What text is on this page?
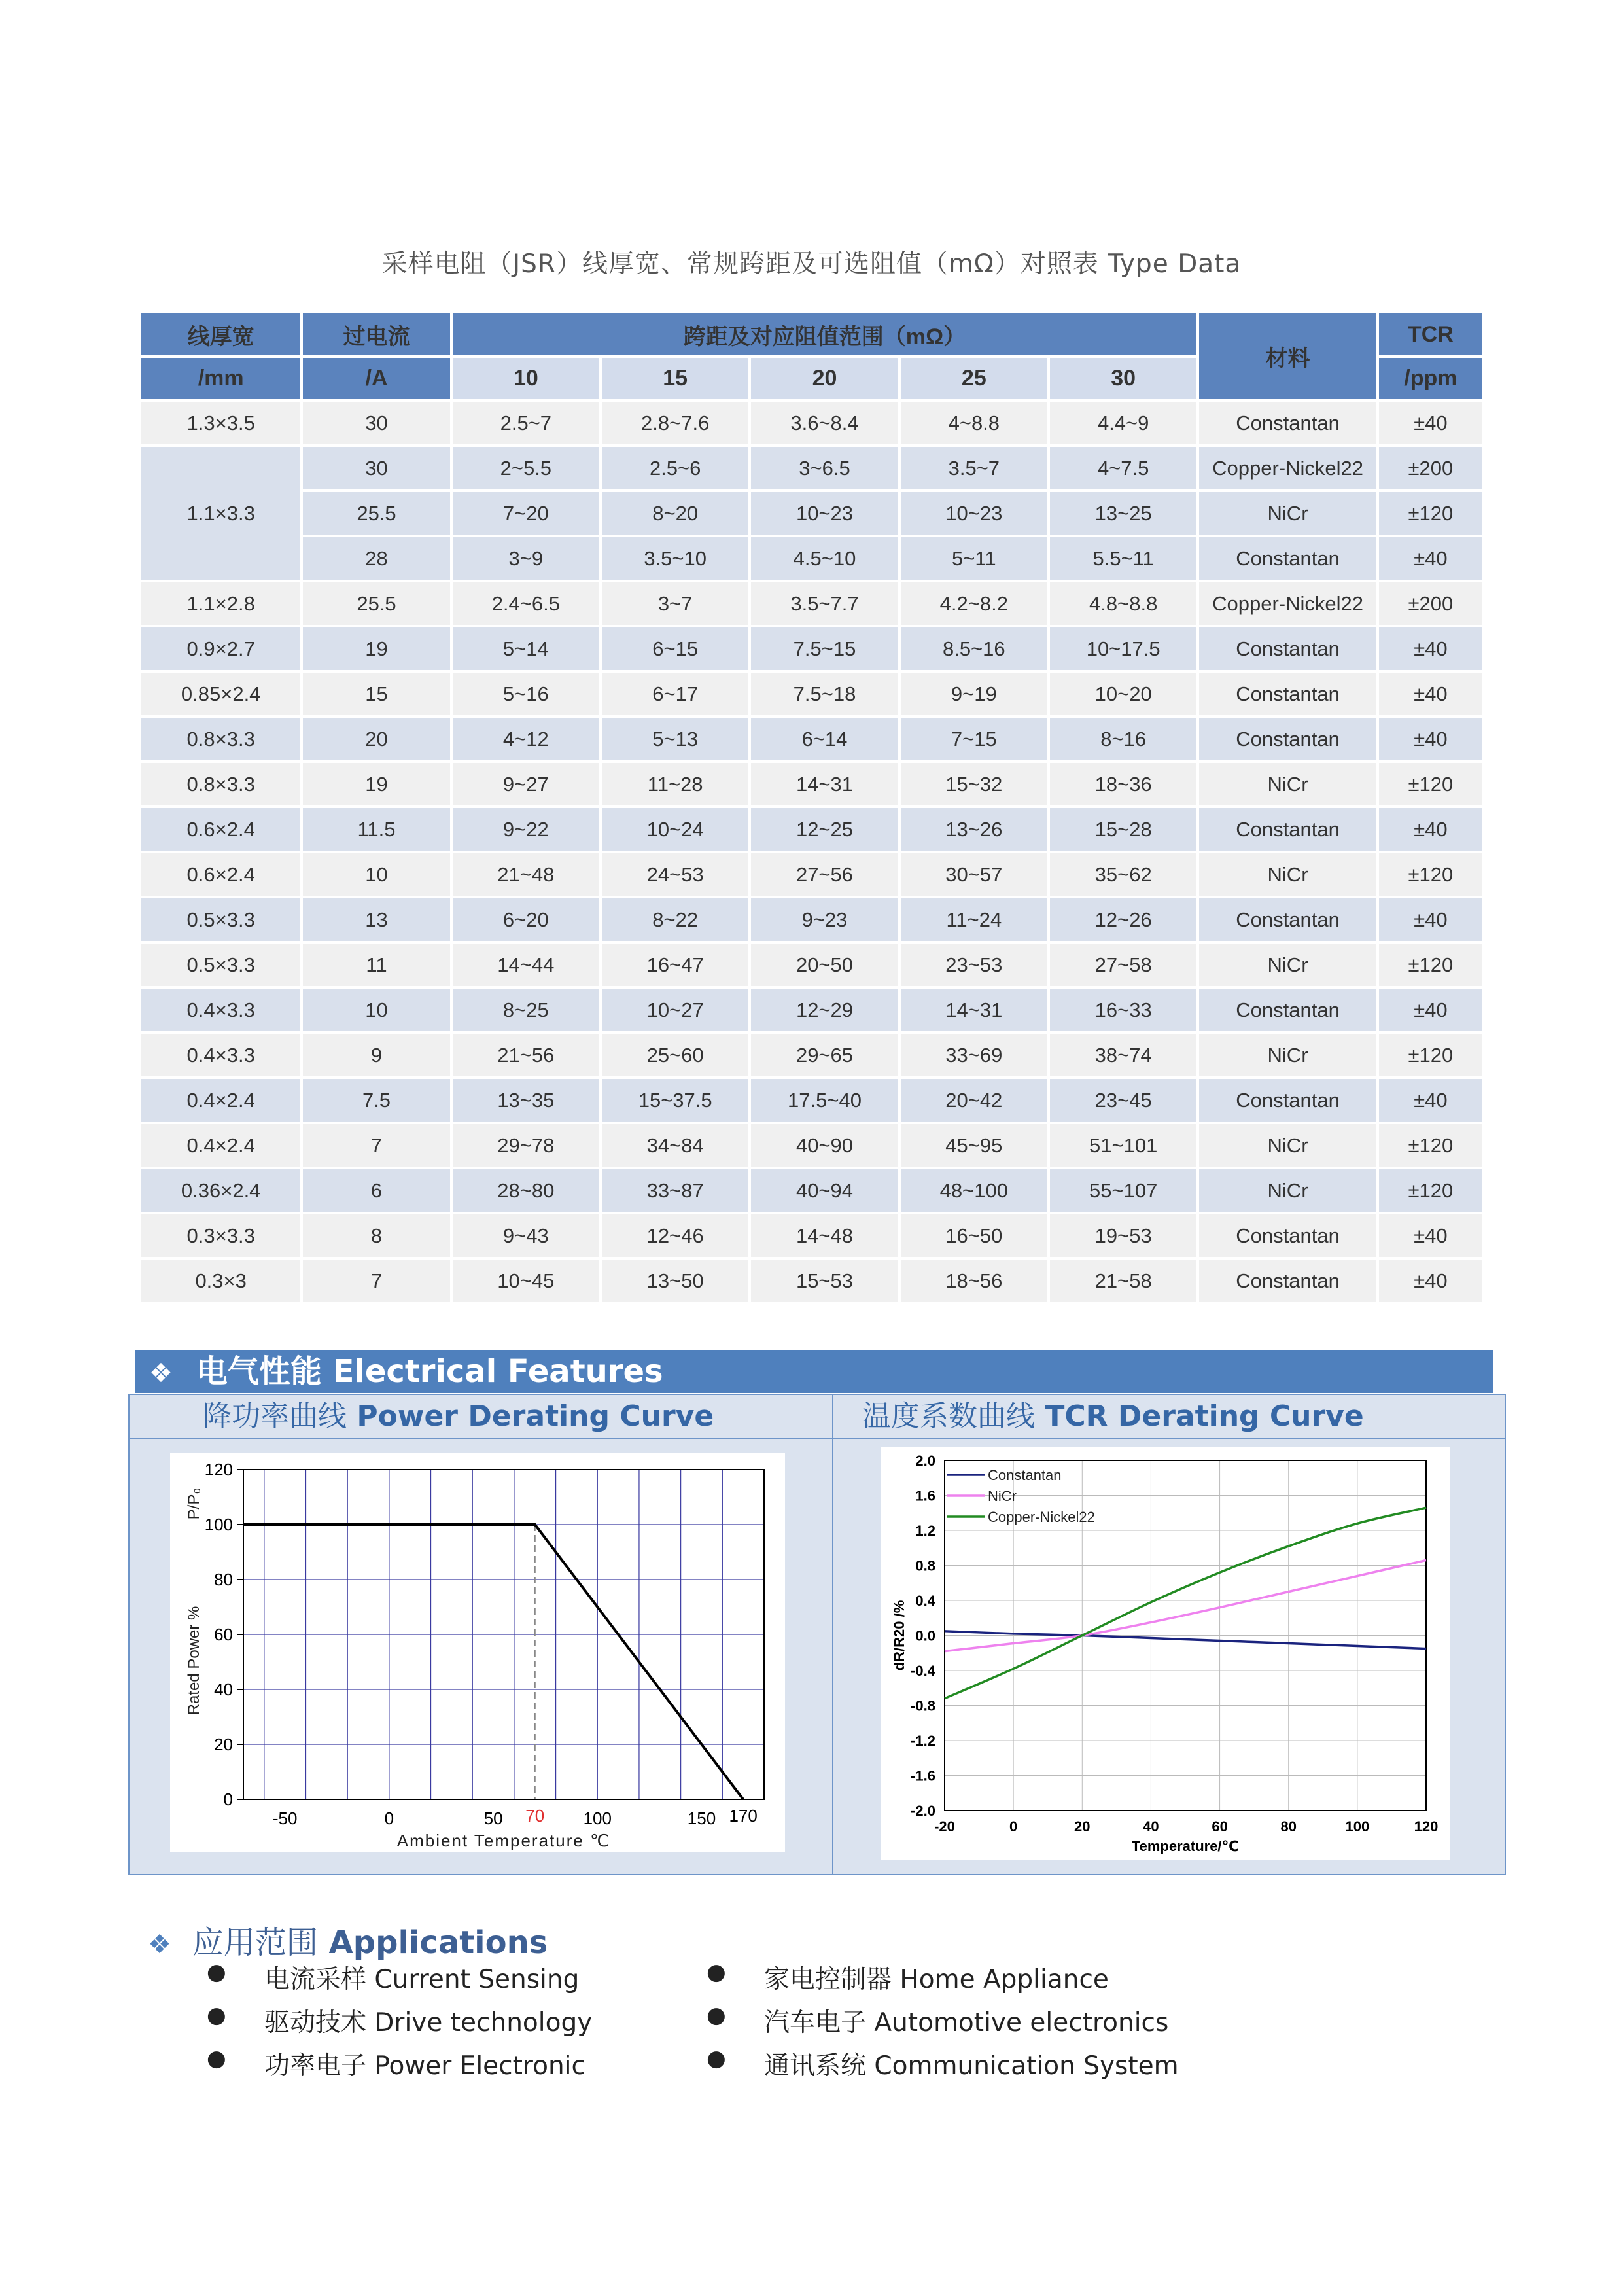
采样电阻（JSR）线厚宽、常规跨距及可选阻值（mΩ）对照表 Type Data
线厚宽	过电流	跨距及对应阻值范围（mΩ）					材料	TCR
/mm	/A	10	15	20	25	30		/ppm
1.3×3.5	30	2.5~7	2.8~7.6	3.6~8.4	4~8.8	4.4~9	Constantan	±40
1.1×3.3	30	2~5.5	2.5~6	3~6.5	3.5~7	4~7.5	Copper-Nickel22	±200
	25.5	7~20	8~20	10~23	10~23	13~25	NiCr	±120
	28	3~9	3.5~10	4.5~10	5~11	5.5~11	Constantan	±40
1.1×2.8	25.5	2.4~6.5	3~7	3.5~7.7	4.2~8.2	4.8~8.8	Copper-Nickel22	±200
0.9×2.7	19	5~14	6~15	7.5~15	8.5~16	10~17.5	Constantan	±40
0.85×2.4	15	5~16	6~17	7.5~18	9~19	10~20	Constantan	±40
0.8×3.3	20	4~12	5~13	6~14	7~15	8~16	Constantan	±40
0.8×3.3	19	9~27	11~28	14~31	15~32	18~36	NiCr	±120
0.6×2.4	11.5	9~22	10~24	12~25	13~26	15~28	Constantan	±40
0.6×2.4	10	21~48	24~53	27~56	30~57	35~62	NiCr	±120
0.5×3.3	13	6~20	8~22	9~23	11~24	12~26	Constantan	±40
0.5×3.3	11	14~44	16~47	20~50	23~53	27~58	NiCr	±120
0.4×3.3	10	8~25	10~27	12~29	14~31	16~33	Constantan	±40
0.4×3.3	9	21~56	25~60	29~65	33~69	38~74	NiCr	±120
0.4×2.4	7.5	13~35	15~37.5	17.5~40	20~42	23~45	Constantan	±40
0.4×2.4	7	29~78	34~84	40~90	45~95	51~101	NiCr	±120
0.36×2.4	6	28~80	33~87	40~94	48~100	55~107	NiCr	±120
0.3×3.3	8	9~43	12~46	14~48	16~50	19~53	Constantan	±40
0.3×3	7	10~45	13~50	15~53	18~56	21~58	Constantan	±40
❖ 电气性能 Electrical Features
降功率曲线 Power Derating Curve
0
20
40
60
80
100
120
-50	0	50	100	150
70	170
Ambient Temperature ℃
Rated Power %
P/P₀
温度系数曲线 TCR Derating Curve
-20	0	20	40	60	80	100	120
-2.0
-1.6
-1.2
-0.8
-0.4
0.0
0.4
0.8
1.2
1.6
2.0
Constantan
NiCr
Copper-Nickel22
Temperature/℃
dR/R20 /%
❖ 应用范围 Applications
● 电流采样 Current Sensing
● 驱动技术 Drive technology
● 功率电子 Power Electronic
● 家电控制器 Home Appliance
● 汽车电子 Automotive electronics
● 通讯系统 Communication System
